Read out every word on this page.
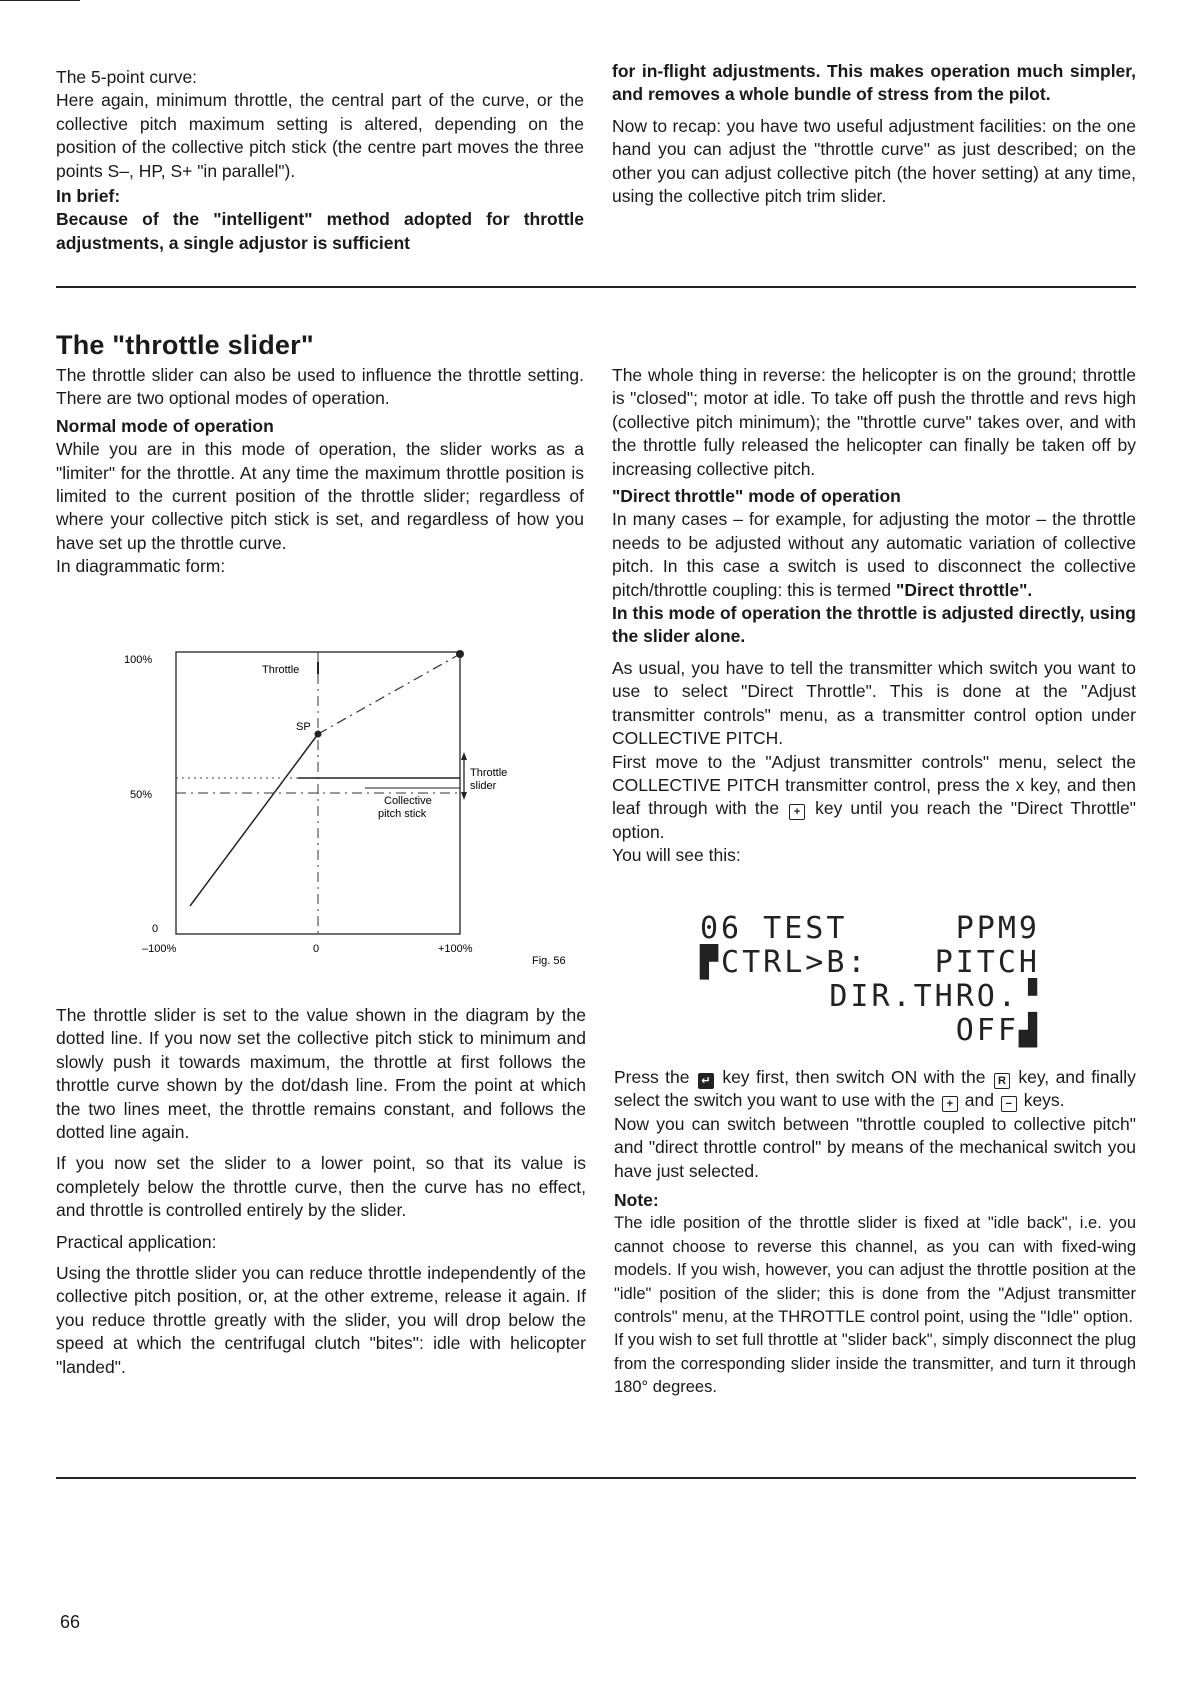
The 5-point curve:

Here again, minimum throttle, the central part of the curve, or the collective pitch maximum setting is altered, depending on the position of the collective pitch stick (the centre part moves the three points S–, HP, S+ "in parallel").

In brief:

Because of the "intelligent" method adopted for throttle adjustments, a single adjustor is sufficient

for in-flight adjustments. This makes operation much simpler, and removes a whole bundle of stress from the pilot.

Now to recap: you have two useful adjustment facilities: on the one hand you can adjust the "throttle curve" as just described; on the other you can adjust collective pitch (the hover setting) at any time, using the collective pitch trim slider.

The "throttle slider"

The throttle slider can also be used to influence the throttle setting. There are two optional modes of operation.

Normal mode of operation

While you are in this mode of operation, the slider works as a "limiter" for the throttle. At any time the maximum throttle position is limited to the current position of the throttle slider; regardless of where your collective pitch stick is set, and regardless of how you have set up the throttle curve.

In diagrammatic form:

100%
50%
0
–100%	0	+100%
Throttle
SP
Throttle
slider
Collective
pitch stick
Fig. 56

The throttle slider is set to the value shown in the diagram by the dotted line. If you now set the collective pitch stick to minimum and slowly push it towards maximum, the throttle at first follows the throttle curve shown by the dot/dash line. From the point at which the two lines meet, the throttle remains constant, and follows the dotted line again.

If you now set the slider to a lower point, so that its value is completely below the throttle curve, then the curve has no effect, and throttle is controlled entirely by the slider.

Practical application:

Using the throttle slider you can reduce throttle independently of the collective pitch position, or, at the other extreme, release it again. If you reduce throttle greatly with the slider, you will drop below the speed at which the centrifugal clutch "bites": idle with helicopter "landed".

The whole thing in reverse: the helicopter is on the ground; throttle is "closed"; motor at idle. To take off push the throttle and revs high (collective pitch minimum); the "throttle curve" takes over, and with the throttle fully released the helicopter can finally be taken off by increasing collective pitch.

"Direct throttle" mode of operation

In many cases – for example, for adjusting the motor – the throttle needs to be adjusted without any automatic variation of collective pitch. In this case a switch is used to disconnect the collective pitch/throttle coupling: this is termed "Direct throttle".

In this mode of operation the throttle is adjusted directly, using the slider alone.

As usual, you have to tell the transmitter which switch you want to use to select "Direct Throttle". This is done at the "Adjust transmitter controls" menu, as a transmitter control option under COLLECTIVE PITCH.

First move to the "Adjust transmitter controls" menu, select the COLLECTIVE PITCH transmitter control, press the x key, and then leaf through with the + key until you reach the "Direct Throttle" option.

You will see this:

06 TEST	PPM9
▛CTRL>B: PITCH
DIR.THRO.▝
OFF▟

Press the ↵ key first, then switch ON with the R key, and finally select the switch you want to use with the + and − keys.

Now you can switch between "throttle coupled to collective pitch" and "direct throttle control" by means of the mechanical switch you have just selected.

Note:

The idle position of the throttle slider is fixed at "idle back", i.e. you cannot choose to reverse this channel, as you can with fixed-wing models. If you wish, however, you can adjust the throttle position at the "idle" position of the slider; this is done from the "Adjust transmitter controls" menu, at the THROTTLE control point, using the "Idle" option.

If you wish to set full throttle at "slider back", simply disconnect the plug from the corresponding slider inside the transmitter, and turn it through 180° degrees.

66
